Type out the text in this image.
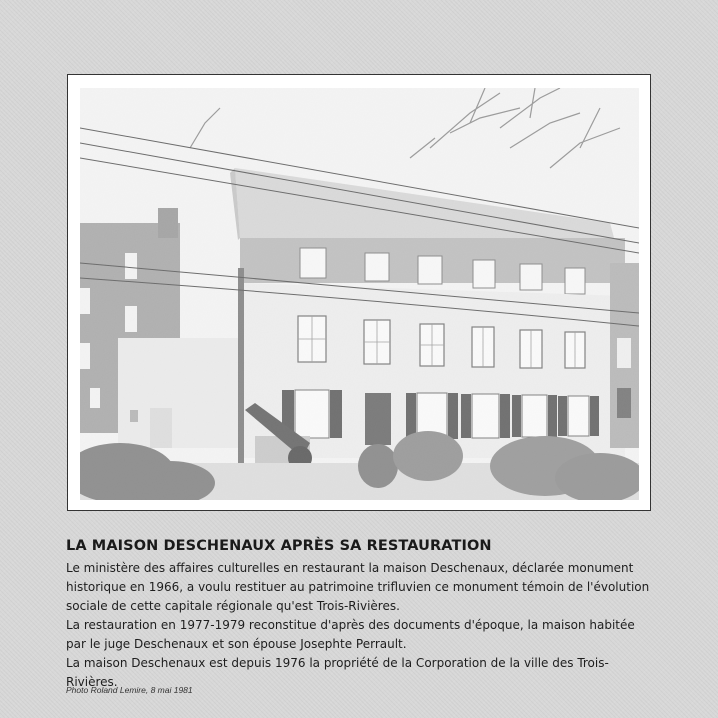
LA MAISON DESCHENAUX APRÈS SA RESTAURATION

Le ministère des affaires culturelles en restaurant la maison Deschenaux, déclarée monument historique en 1966, a voulu restituer au patrimoine trifluvien ce monument témoin de l'évolution sociale de cette capitale régionale qu'est Trois-Rivières.

La restauration en 1977-1979 reconstitue d'après des documents d'époque, la maison habitée par le juge Deschenaux et son épouse Josephte Perrault.

La maison Deschenaux est depuis 1976 la propriété de la Corporation de la ville des Trois-Rivières.

Photo Roland Lemire, 8 mai 1981
